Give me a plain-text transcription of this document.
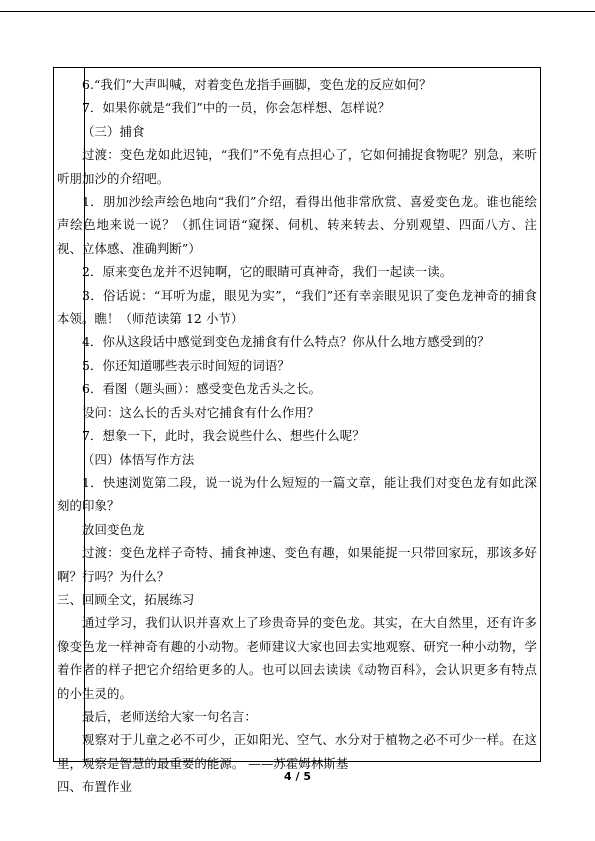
6.“我们”大声叫喊，对着变色龙指手画脚，变色龙的反应如何？

7．如果你就是“我们”中的一员，你会怎样想、怎样说？

（三）捕食

过渡：变色龙如此迟钝，“我们”不免有点担心了，它如何捕捉食物呢？别急，来听听朋加沙的介绍吧。

1．朋加沙绘声绘色地向“我们”介绍，看得出他非常欣赏、喜爱变色龙。谁也能绘声绘色地来说一说？（抓住词语“窥探、伺机、转来转去、分别观望、四面八方、注视、立体感、准确判断”）

2．原来变色龙并不迟钝啊，它的眼睛可真神奇，我们一起读一读。

3．俗话说：“耳听为虚，眼见为实”，“我们”还有幸亲眼见识了变色龙神奇的捕食本领。瞧！（师范读第 12 小节）

4．你从这段话中感觉到变色龙捕食有什么特点？你从什么地方感受到的？

5．你还知道哪些表示时间短的词语？

6．看图（题头画）：感受变色龙舌头之长。

设问：这么长的舌头对它捕食有什么作用？

7．想象一下，此时，我会说些什么、想些什么呢？

（四）体悟写作方法

1．快速浏览第二段，说一说为什么短短的一篇文章，能让我们对变色龙有如此深刻的印象？

放回变色龙

过渡：变色龙样子奇特、捕食神速、变色有趣，如果能捉一只带回家玩，那该多好啊？行吗？为什么？

三、回顾全文，拓展练习

通过学习，我们认识并喜欢上了珍贵奇异的变色龙。其实，在大自然里，还有许多像变色龙一样神奇有趣的小动物。老师建议大家也回去实地观察、研究一种小动物，学着作者的样子把它介绍给更多的人。也可以回去读读《动物百科》，会认识更多有特点的小生灵的。

最后，老师送给大家一句名言：

观察对于儿童之必不可少，正如阳光、空气、水分对于植物之必不可少一样。在这里，观察是智慧的最重要的能源。 ——苏霍姆林斯基

四、布置作业

4 / 5
